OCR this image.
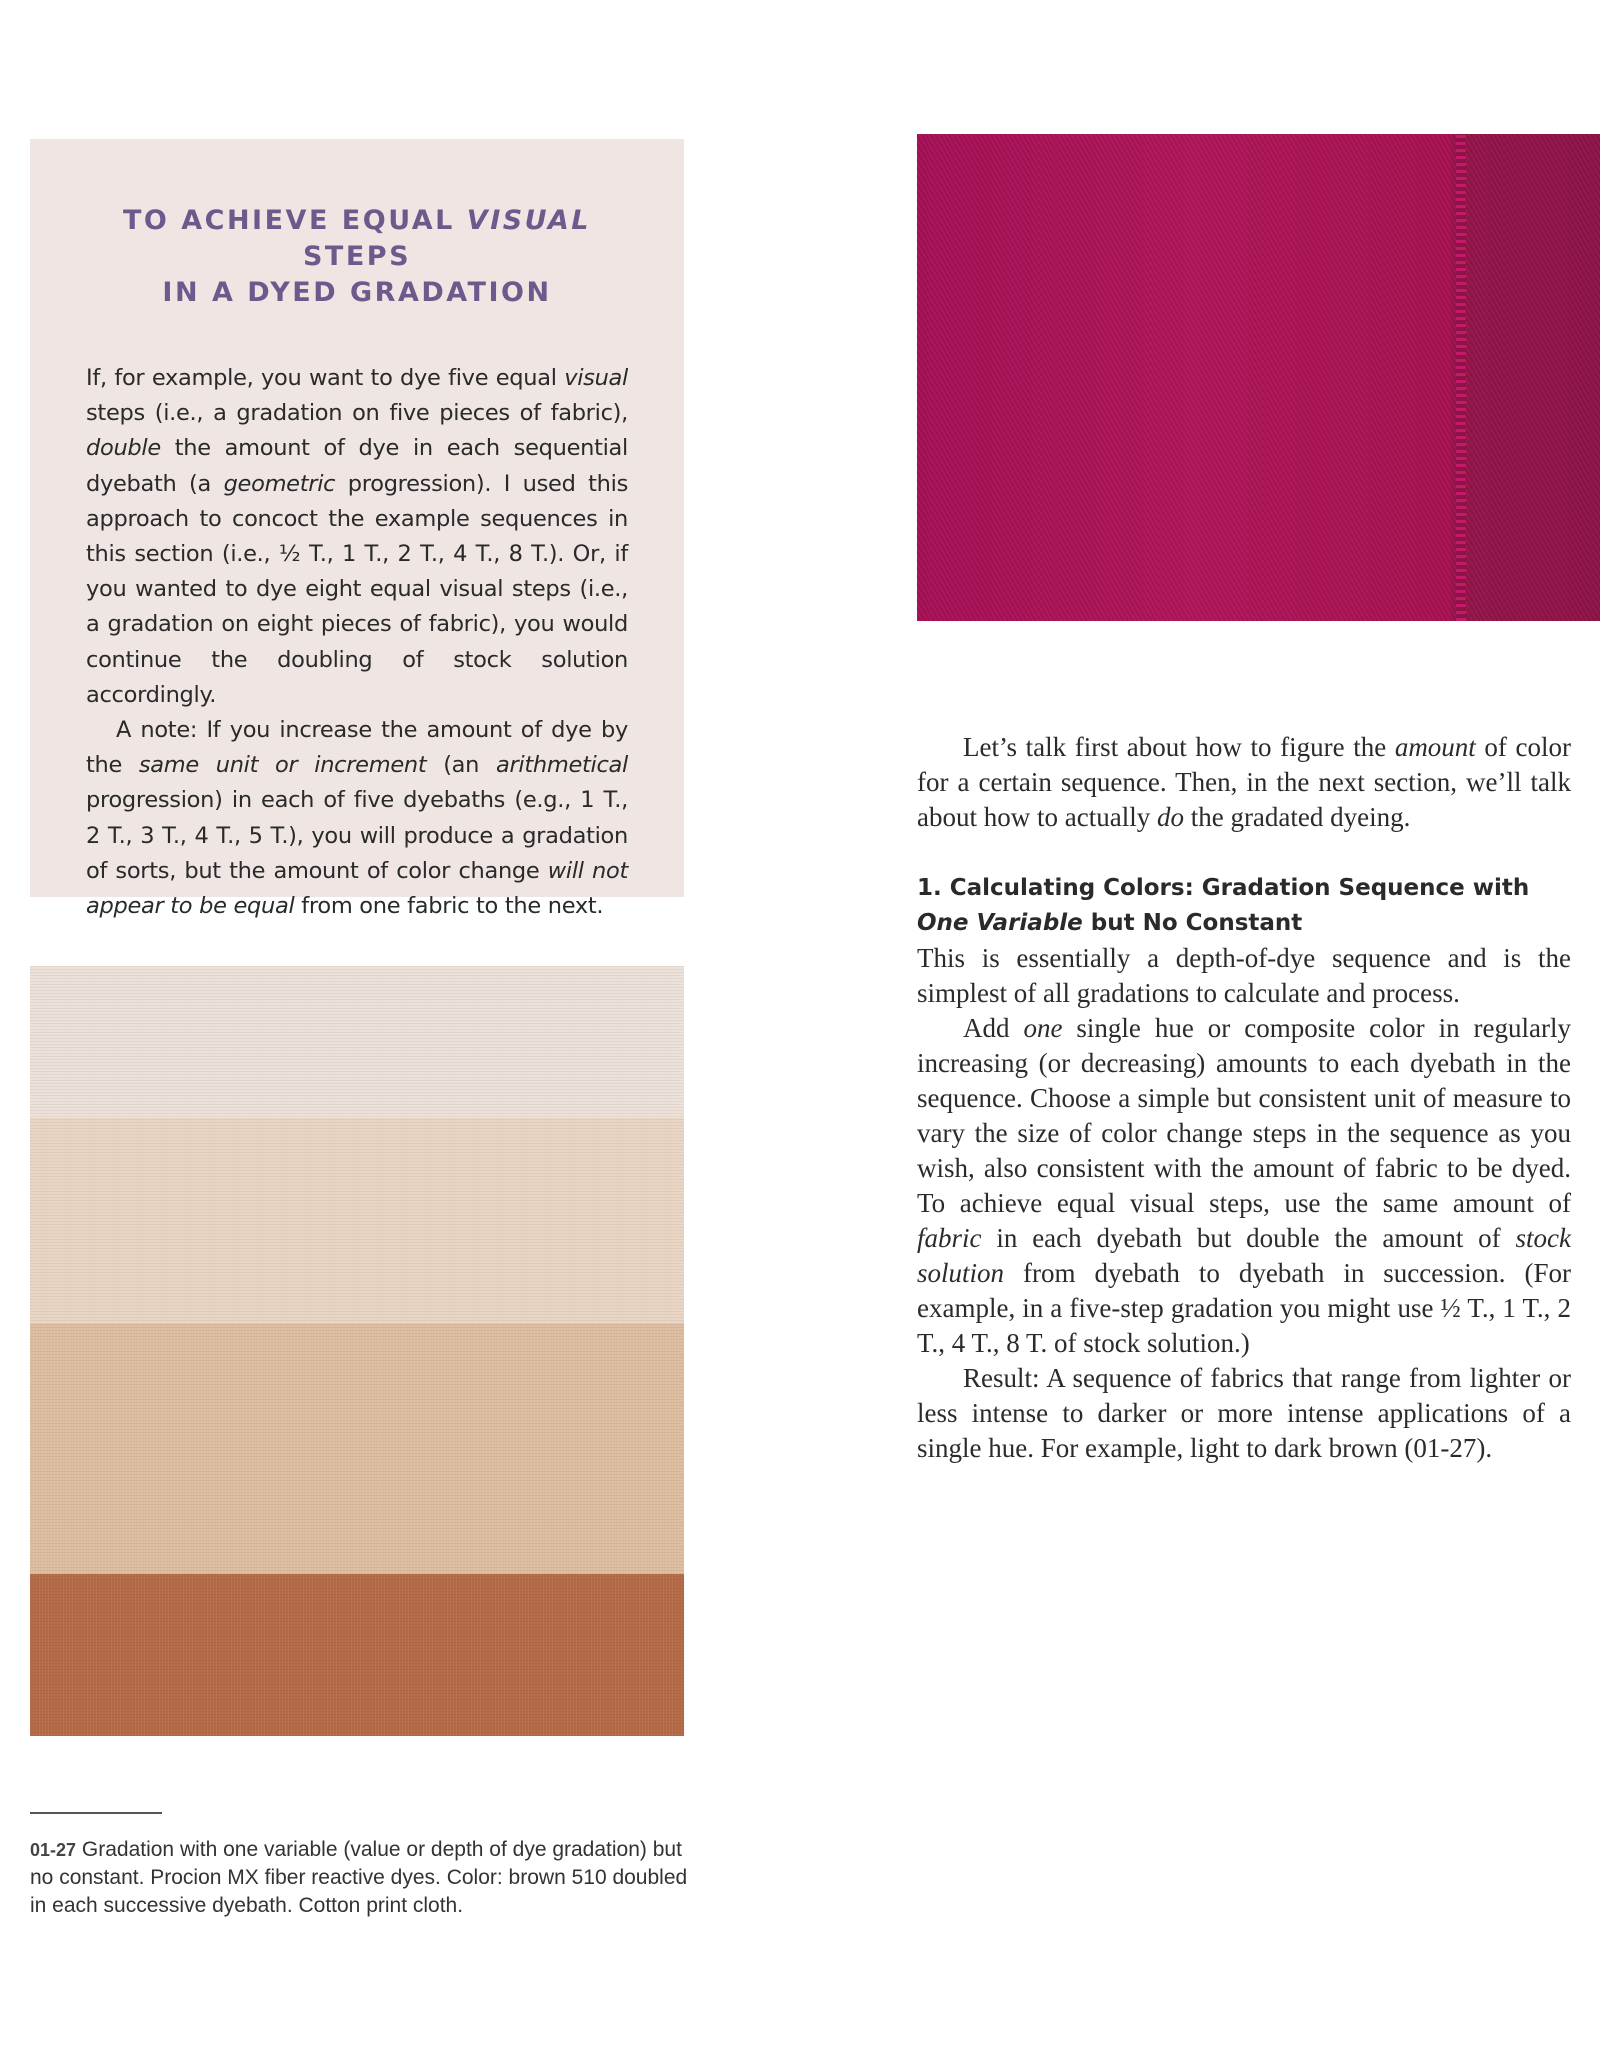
TO ACHIEVE EQUAL VISUAL STEPS
IN A DYED GRADATION

If, for example, you want to dye five equal visual steps (i.e., a gradation on five pieces of fabric), double the amount of dye in each sequential dyebath (a geometric progression). I used this approach to concoct the example sequences in this section (i.e., ½ T., 1 T., 2 T., 4 T., 8 T.). Or, if you wanted to dye eight equal visual steps (i.e., a gradation on eight pieces of fabric), you would continue the doubling of stock solution accordingly.

A note: If you increase the amount of dye by the same unit or increment (an arithmetical progression) in each of five dyebaths (e.g., 1 T., 2 T., 3 T., 4 T., 5 T.), you will produce a gradation of sorts, but the amount of color change will not appear to be equal from one fabric to the next.

Let’s talk first about how to figure the amount of color for a certain sequence. Then, in the next section, we’ll talk about how to actually do the gradated dyeing.

1. Calculating Colors: Gradation Sequence with One Variable but No Constant

This is essentially a depth-of-dye sequence and is the simplest of all gradations to calculate and process.

Add one single hue or composite color in regularly increasing (or decreasing) amounts to each dyebath in the sequence. Choose a simple but consistent unit of measure to vary the size of color change steps in the sequence as you wish, also consistent with the amount of fabric to be dyed. To achieve equal visual steps, use the same amount of fabric in each dyebath but double the amount of stock solution from dyebath to dyebath in succession. (For example, in a five-step gradation you might use ½ T., 1 T., 2 T., 4 T., 8 T. of stock solution.)

Result: A sequence of fabrics that range from lighter or less intense to darker or more intense applications of a single hue. For example, light to dark brown (01-27).

01-27 Gradation with one variable (value or depth of dye gradation) but no constant. Procion MX fiber reactive dyes. Color: brown 510 doubled in each successive dyebath. Cotton print cloth.
